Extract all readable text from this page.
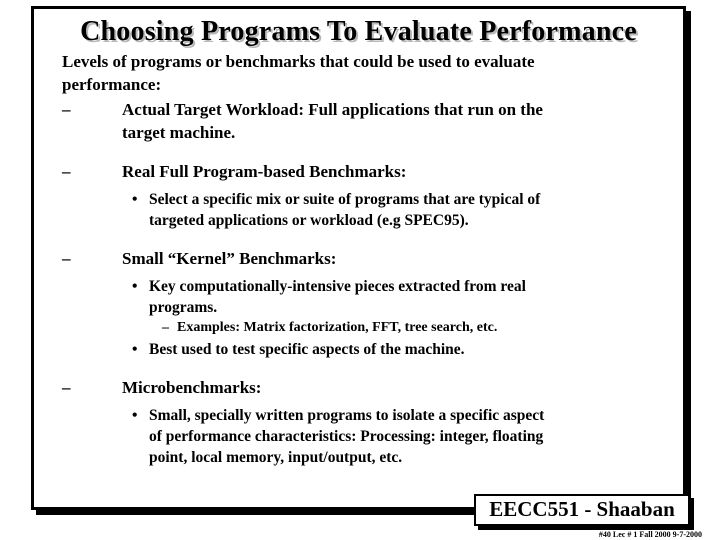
Choosing Programs To Evaluate Performance

Levels of programs or benchmarks that could be used to evaluate

performance:

–	Actual Target Workload: Full applications that run on the
target machine.
–	Real Full Program-based Benchmarks:
• Select a specific mix or suite of programs that are typical of
targeted applications or workload (e.g SPEC95).
–	Small “Kernel” Benchmarks:
• Key computationally-intensive pieces extracted from real
programs.
– Examples: Matrix factorization, FFT, tree search, etc.
• Best used to test specific aspects of the machine.
–	Microbenchmarks:
• Small, specially written programs to isolate a specific aspect
of performance characteristics: Processing: integer, floating
point, local memory, input/output, etc.
EECC551 - Shaaban
#40 Lec # 1 Fall 2000 9-7-2000
